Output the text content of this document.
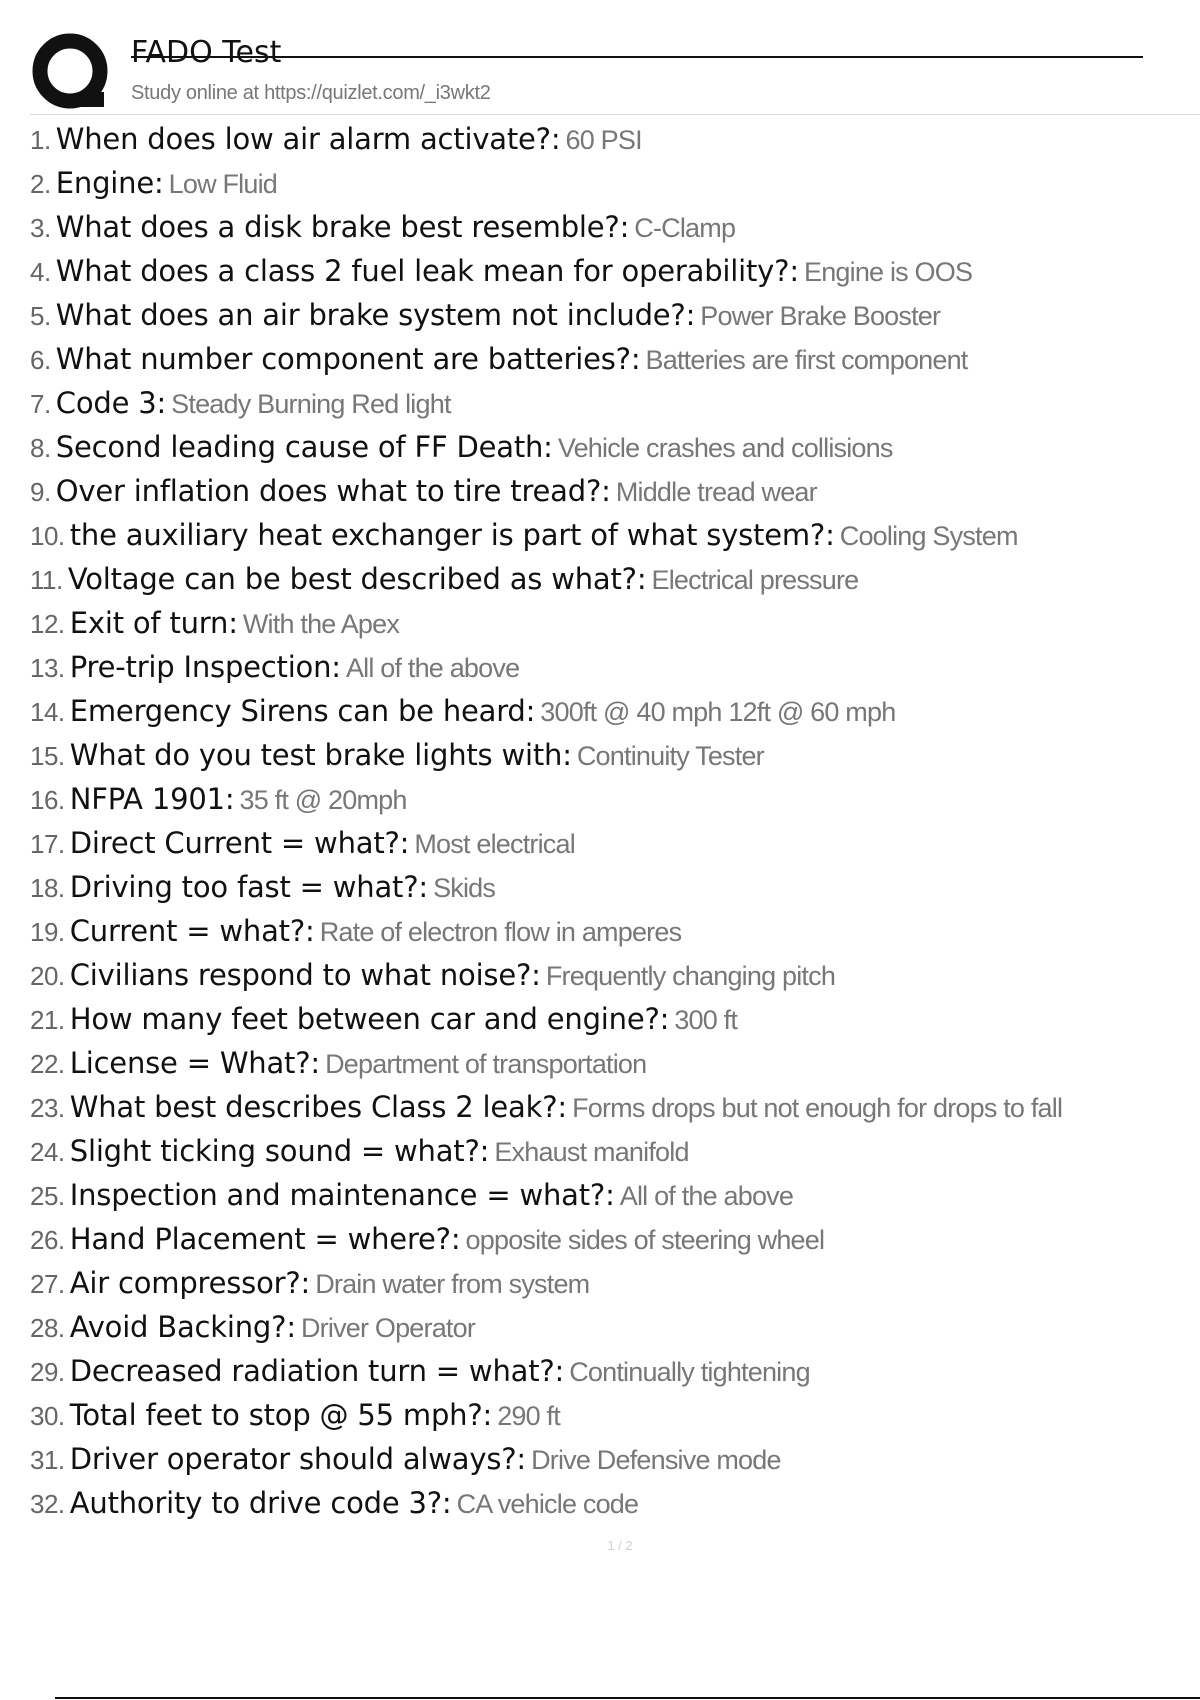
FADO Test
Study online at https://quizlet.com/_i3wkt2
1. When does low air alarm activate?: 60 PSI
2. Engine: Low Fluid
3. What does a disk brake best resemble?: C-Clamp
4. What does a class 2 fuel leak mean for operability?: Engine is OOS
5. What does an air brake system not include?: Power Brake Booster
6. What number component are batteries?: Batteries are first component
7. Code 3: Steady Burning Red light
8. Second leading cause of FF Death: Vehicle crashes and collisions
9. Over inflation does what to tire tread?: Middle tread wear
10. the auxiliary heat exchanger is part of what system?: Cooling System
11. Voltage can be best described as what?: Electrical pressure
12. Exit of turn: With the Apex
13. Pre-trip Inspection: All of the above
14. Emergency Sirens can be heard: 300ft @ 40 mph 12ft @ 60 mph
15. What do you test brake lights with: Continuity Tester
16. NFPA 1901: 35 ft @ 20mph
17. Direct Current = what?: Most electrical
18. Driving too fast = what?: Skids
19. Current = what?: Rate of electron flow in amperes
20. Civilians respond to what noise?: Frequently changing pitch
21. How many feet between car and engine?: 300 ft
22. License = What?: Department of transportation
23. What best describes Class 2 leak?: Forms drops but not enough for drops to fall
24. Slight ticking sound = what?: Exhaust manifold
25. Inspection and maintenance = what?: All of the above
26. Hand Placement = where?: opposite sides of steering wheel
27. Air compressor?: Drain water from system
28. Avoid Backing?: Driver Operator
29. Decreased radiation turn = what?: Continually tightening
30. Total feet to stop @ 55 mph?: 290 ft
31. Driver operator should always?: Drive Defensive mode
32. Authority to drive code 3?: CA vehicle code
1 / 2
